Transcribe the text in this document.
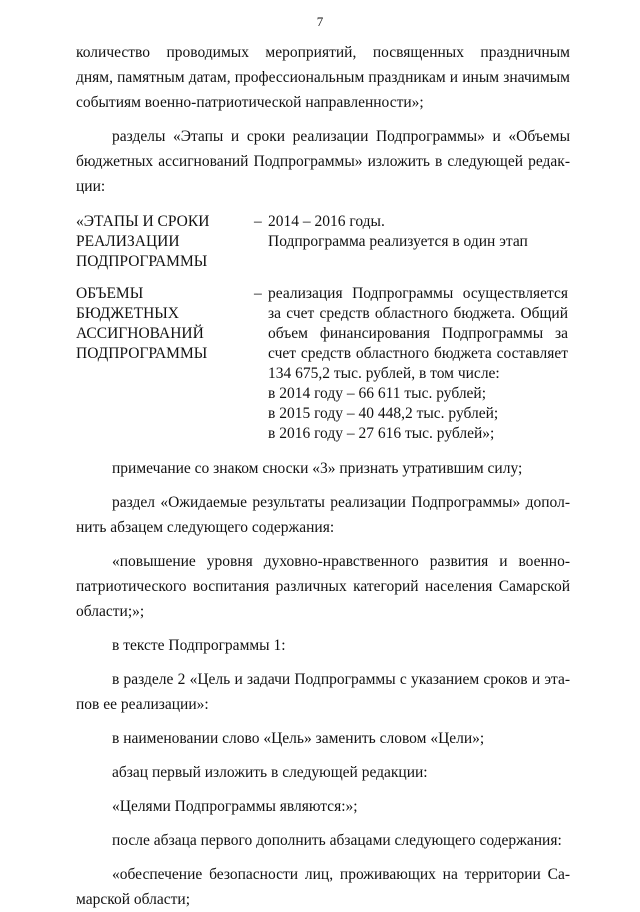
7
количество проводимых мероприятий, посвященных праздничным
дням, памятным датам, профессиональным праздникам и иным значимым
событиям военно-патриотической направленности»;
разделы «Этапы и сроки реализации Подпрограммы» и «Объемы
бюджетных ассигнований Подпрограммы» изложить в следующей редак-
ции:
«ЭТАПЫ И СРОКИ
РЕАЛИЗАЦИИ
ПОДПРОГРАММЫ
– 2014 – 2016 годы.
Подпрограмма реализуется в один этап
ОБЪЕМЫ
БЮДЖЕТНЫХ
АССИГНОВАНИЙ
ПОДПРОГРАММЫ
– реализация Подпрограммы осуществляется
за счет средств областного бюджета. Общий
объем финансирования Подпрограммы за
счет средств областного бюджета составляет
134 675,2 тыс. рублей, в том числе:
в 2014 году – 66 611 тыс. рублей;
в 2015 году – 40 448,2 тыс. рублей;
в 2016 году – 27 616 тыс. рублей»;
примечание со знаком сноски «3» признать утратившим силу;
раздел «Ожидаемые результаты реализации Подпрограммы» допол-
нить абзацем следующего содержания:
«повышение уровня духовно-нравственного развития и военно-
патриотического воспитания различных категорий населения Самарской
области;»;
в тексте Подпрограммы 1:
в разделе 2 «Цель и задачи Подпрограммы с указанием сроков и эта-
пов ее реализации»:
в наименовании слово «Цель» заменить словом «Цели»;
абзац первый изложить в следующей редакции:
«Целями Подпрограммы являются:»;
после абзаца первого дополнить абзацами следующего содержания:
«обеспечение безопасности лиц, проживающих на территории Са-
марской области;
